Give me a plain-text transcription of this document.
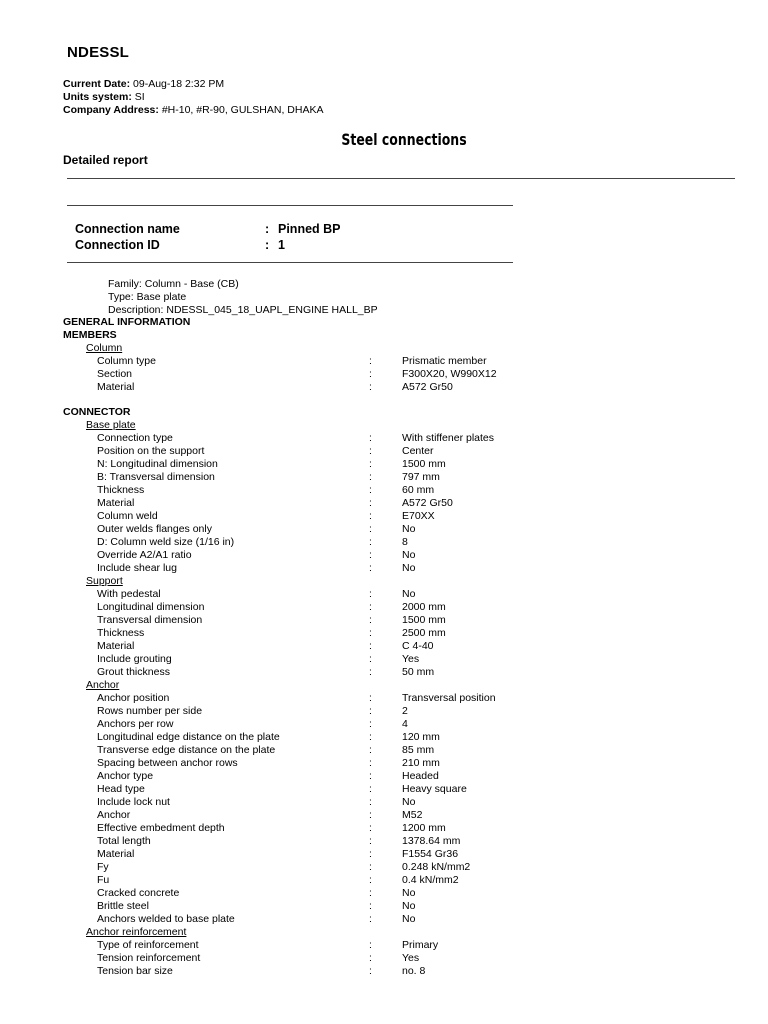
NDESSL
Current Date: 09-Aug-18 2:32 PM
Units system: SI
Company Address: #H-10, #R-90, GULSHAN, DHAKA
Steel connections
Detailed report
Connection name	: Pinned BP
Connection ID	: 1
Family: Column - Base (CB)
Type: Base plate
Description: NDESSL_045_18_UAPL_ENGINE HALL_BP
GENERAL INFORMATION
MEMBERS
Column
Column type	:	Prismatic member
Section	:	F300X20, W990X12
Material	:	A572 Gr50
CONNECTOR
Base plate
Connection type	:	With stiffener plates
Position on the support	:	Center
N: Longitudinal dimension	:	1500 mm
B: Transversal dimension	:	797 mm
Thickness	:	60 mm
Material	:	A572 Gr50
Column weld	:	E70XX
Outer welds flanges only	:	No
D: Column weld size (1/16 in)	:	8
Override A2/A1 ratio	:	No
Include shear lug	:	No
Support
With pedestal	:	No
Longitudinal dimension	:	2000 mm
Transversal dimension	:	1500 mm
Thickness	:	2500 mm
Material	:	C 4-40
Include grouting	:	Yes
Grout thickness	:	50 mm
Anchor
Anchor position	:	Transversal position
Rows number per side	:	2
Anchors per row	:	4
Longitudinal edge distance on the plate	:	120 mm
Transverse edge distance on the plate	:	85 mm
Spacing between anchor rows	:	210 mm
Anchor type	:	Headed
Head type	:	Heavy square
Include lock nut	:	No
Anchor	:	M52
Effective embedment depth	:	1200 mm
Total length	:	1378.64 mm
Material	:	F1554 Gr36
Fy	:	0.248 kN/mm2
Fu	:	0.4 kN/mm2
Cracked concrete	:	No
Brittle steel	:	No
Anchors welded to base plate	:	No
Anchor reinforcement
Type of reinforcement	:	Primary
Tension reinforcement	:	Yes
Tension bar size	:	no. 8
